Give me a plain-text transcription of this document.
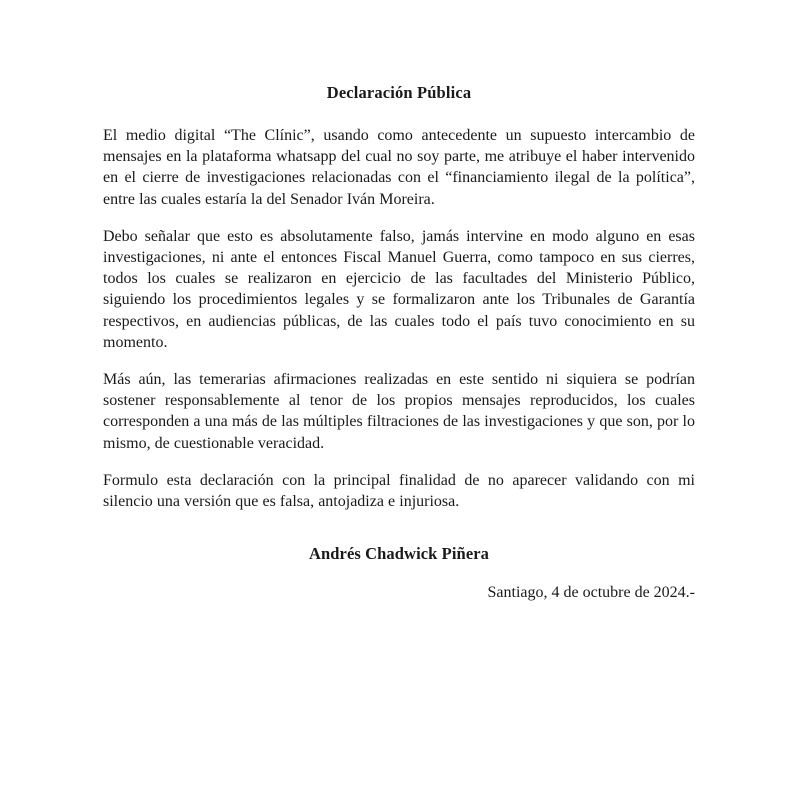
Declaración Pública

El medio digital “The Clínic”, usando como antecedente un supuesto intercambio de mensajes en la plataforma whatsapp del cual no soy parte, me atribuye el haber intervenido en el cierre de investigaciones relacionadas con el “financiamiento ilegal de la política”, entre las cuales estaría la del Senador Iván Moreira.

Debo señalar que esto es absolutamente falso, jamás intervine en modo alguno en esas investigaciones, ni ante el entonces Fiscal Manuel Guerra, como tampoco en sus cierres, todos los cuales se realizaron en ejercicio de las facultades del Ministerio Público, siguiendo los procedimientos legales y se formalizaron ante los Tribunales de Garantía respectivos, en audiencias públicas, de las cuales todo el país tuvo conocimiento en su momento.

Más aún, las temerarias afirmaciones realizadas en este sentido ni siquiera se podrían sostener responsablemente al tenor de los propios mensajes reproducidos, los cuales corresponden a una más de las múltiples filtraciones de las investigaciones y que son, por lo mismo, de cuestionable veracidad.

Formulo esta declaración con la principal finalidad de no aparecer validando con mi silencio una versión que es falsa, antojadiza e injuriosa.

Andrés Chadwick Piñera
Santiago, 4 de octubre de 2024.-
